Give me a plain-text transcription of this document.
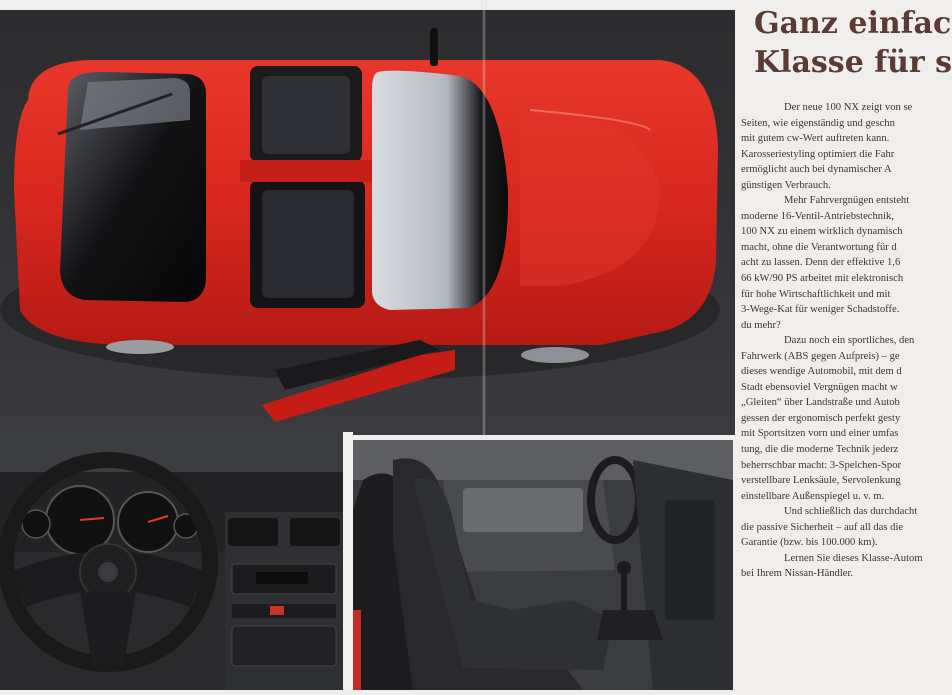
Ganz einfac
Klasse für s
Der neue 100 NX zeigt von se
Seiten, wie eigenständig und geschn
mit gutem cw-Wert auftreten kann.
Karosseriestyling optimiert die Fahr
ermöglicht auch bei dynamischer A
günstigen Verbrauch.
Mehr Fahrvergnügen entsteht
moderne 16-Ventil-Antriebstechnik,
100 NX zu einem wirklich dynamisch
macht, ohne die Verantwortung für d
acht zu lassen. Denn der effektive 1,6
66 kW/90 PS arbeitet mit elektronisch
für hohe Wirtschaftlichkeit und mit
3-Wege-Kat für weniger Schadstoffe.
du mehr?
Dazu noch ein sportliches, den
Fahrwerk (ABS gegen Aufpreis) – ge
dieses wendige Automobil, mit dem d
Stadt ebensoviel Vergnügen macht w
„Gleiten“ über Landstraße und Autob
gessen der ergonomisch perfekt gesty
mit Sportsitzen vorn und einer umfas
tung, die die moderne Technik jederz
beherrschbar macht: 3-Speichen-Spor
verstellbare Lenksäule, Servolenkung
einstellbare Außenspiegel u. v. m.
Und schließlich das durchdacht
die passive Sicherheit – auf all das die
Garantie (bzw. bis 100.000 km).
Lernen Sie dieses Klasse-Autom
bei Ihrem Nissan-Händler.
